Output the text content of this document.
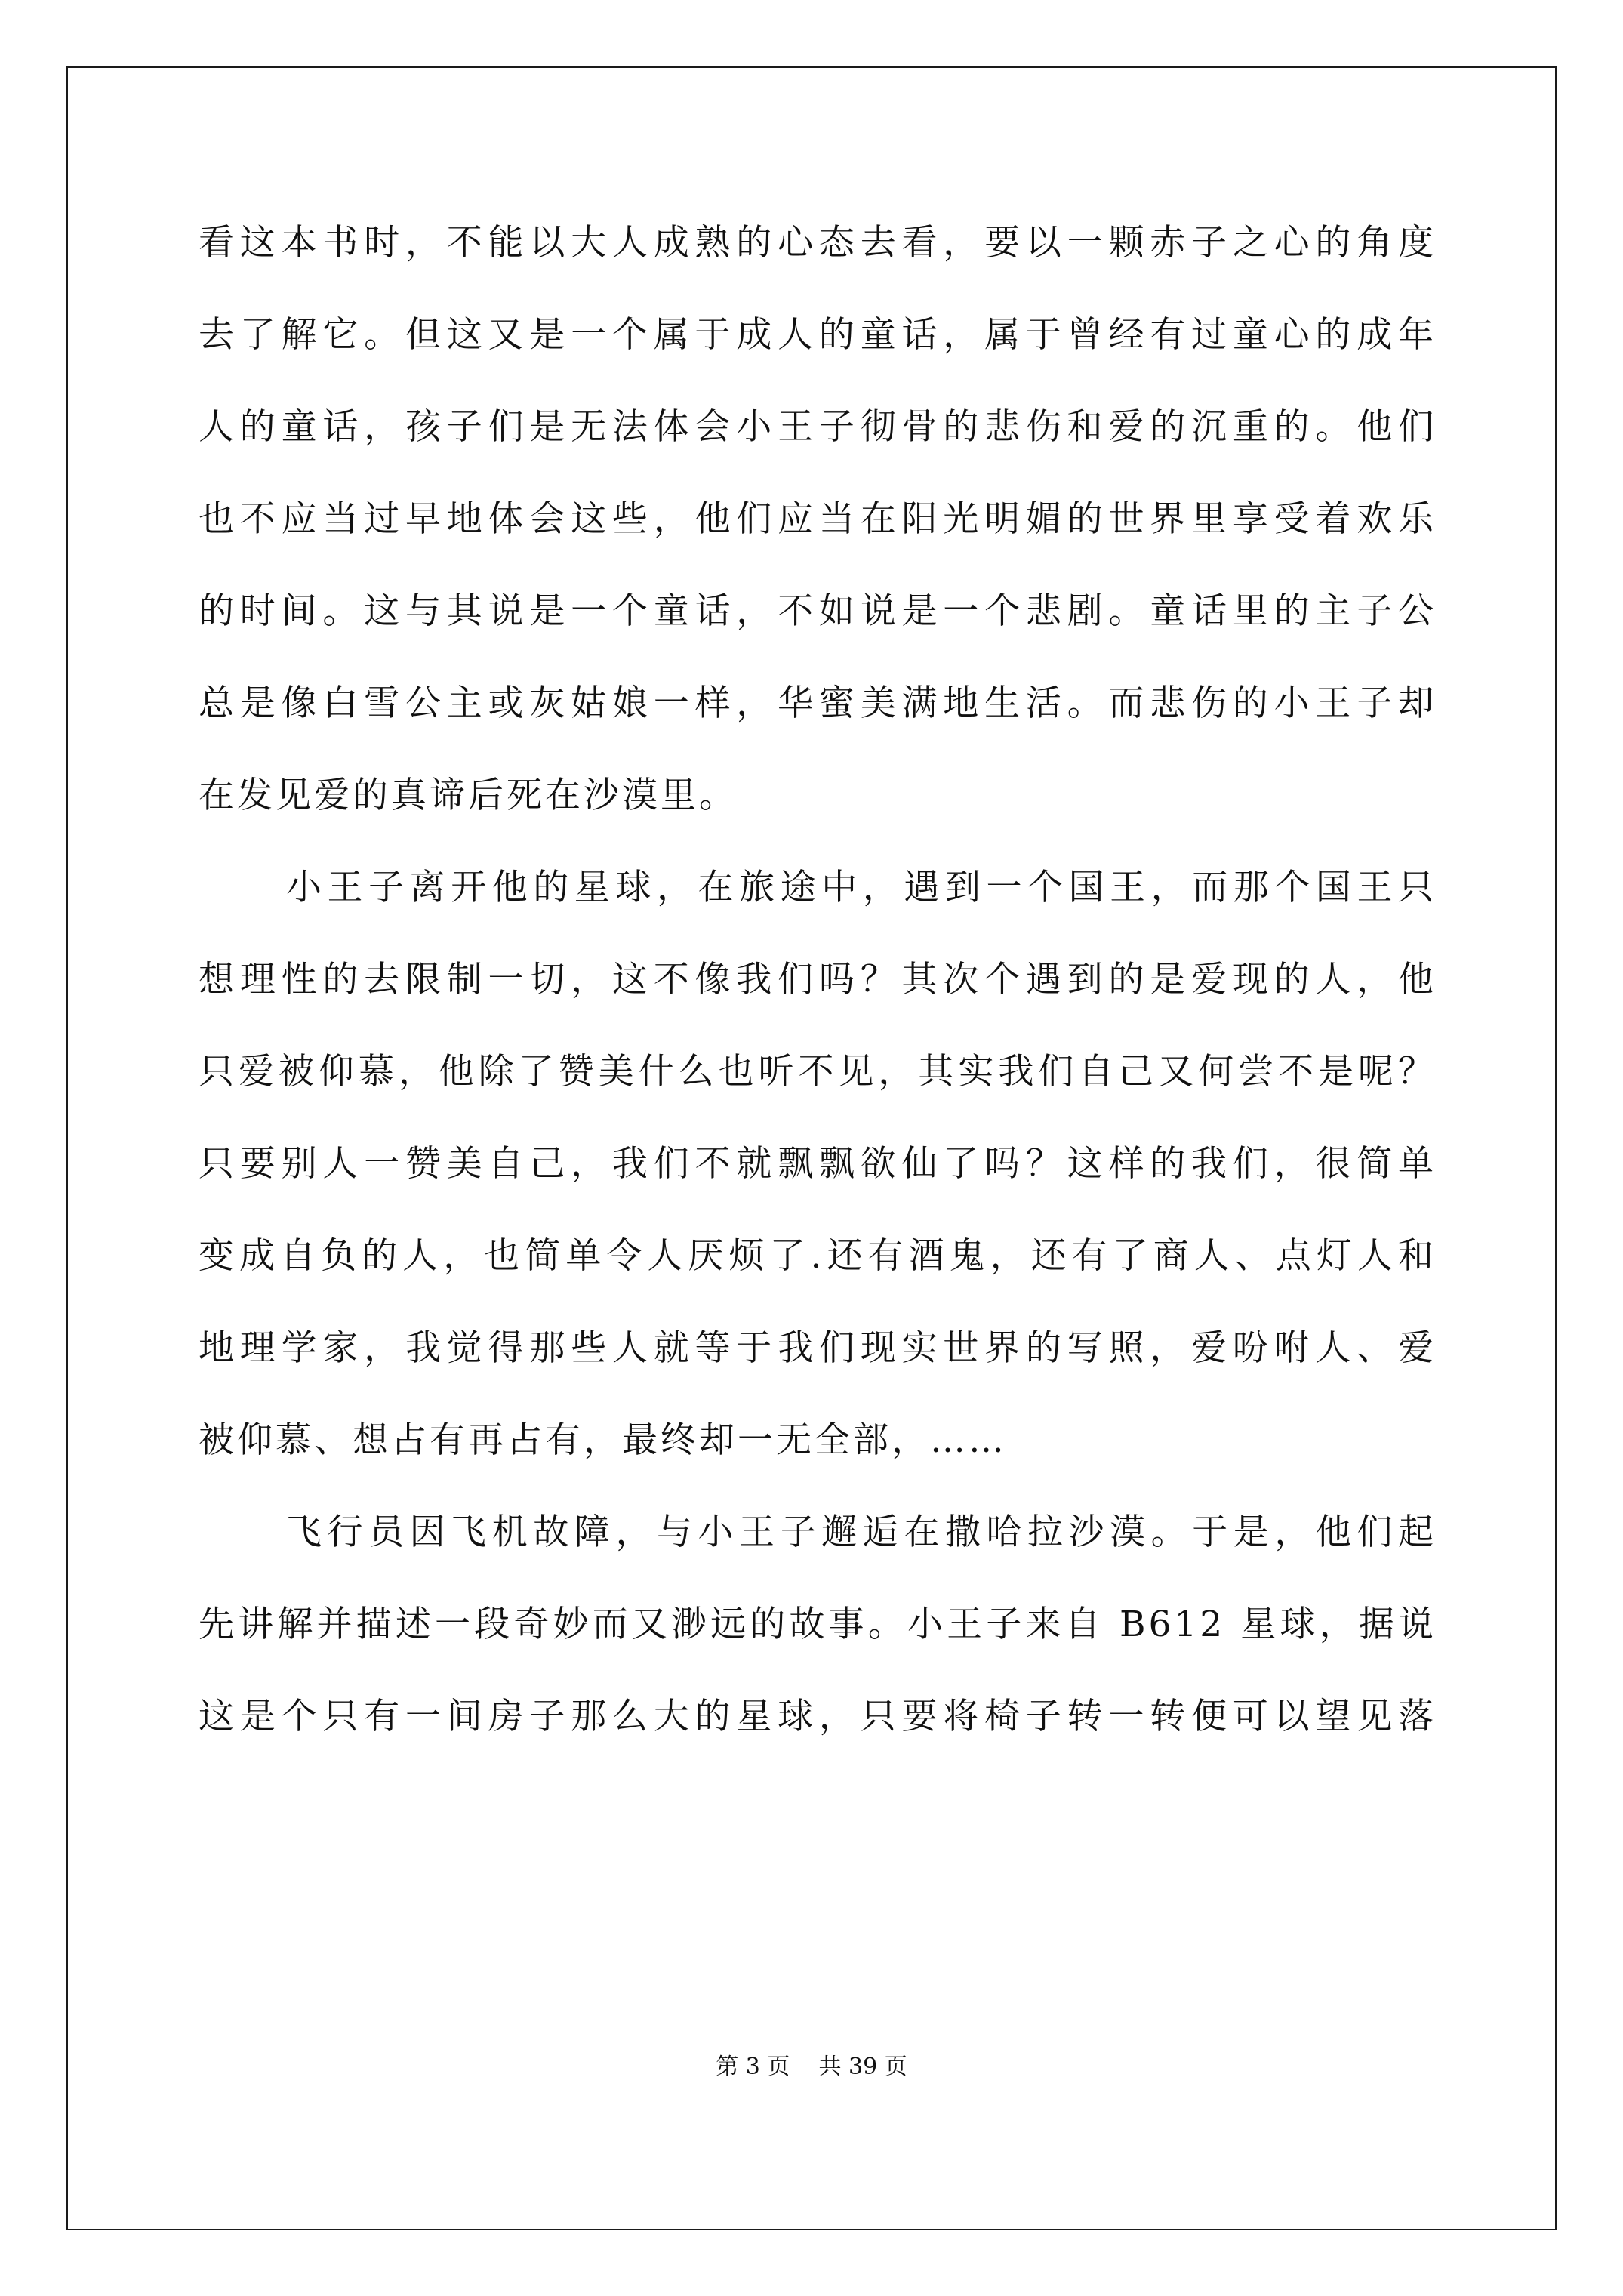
看这本书时，不能以大人成熟的心态去看，要以一颗赤子之心的角度
去了解它。但这又是一个属于成人的童话，属于曾经有过童心的成年
人的童话，孩子们是无法体会小王子彻骨的悲伤和爱的沉重的。他们
也不应当过早地体会这些，他们应当在阳光明媚的世界里享受着欢乐
的时间。这与其说是一个童话，不如说是一个悲剧。童话里的主子公
总是像白雪公主或灰姑娘一样，华蜜美满地生活。而悲伤的小王子却
在发见爱的真谛后死在沙漠里。
小王子离开他的星球，在旅途中，遇到一个国王，而那个国王只
想理性的去限制一切，这不像我们吗？其次个遇到的是爱现的人，他
只爱被仰慕，他除了赞美什么也听不见，其实我们自己又何尝不是呢？
只要别人一赞美自己，我们不就飘飘欲仙了吗？这样的我们，很简单
变成自负的人，也简单令人厌烦了.还有酒鬼，还有了商人、点灯人和
地理学家，我觉得那些人就等于我们现实世界的写照，爱吩咐人、爱
被仰慕、想占有再占有，最终却一无全部，……
飞行员因飞机故障，与小王子邂逅在撒哈拉沙漠。于是，他们起
先讲解并描述一段奇妙而又渺远的故事。小王子来自 B612 星球，据说
这是个只有一间房子那么大的星球，只要将椅子转一转便可以望见落
第 3 页    共 39 页
